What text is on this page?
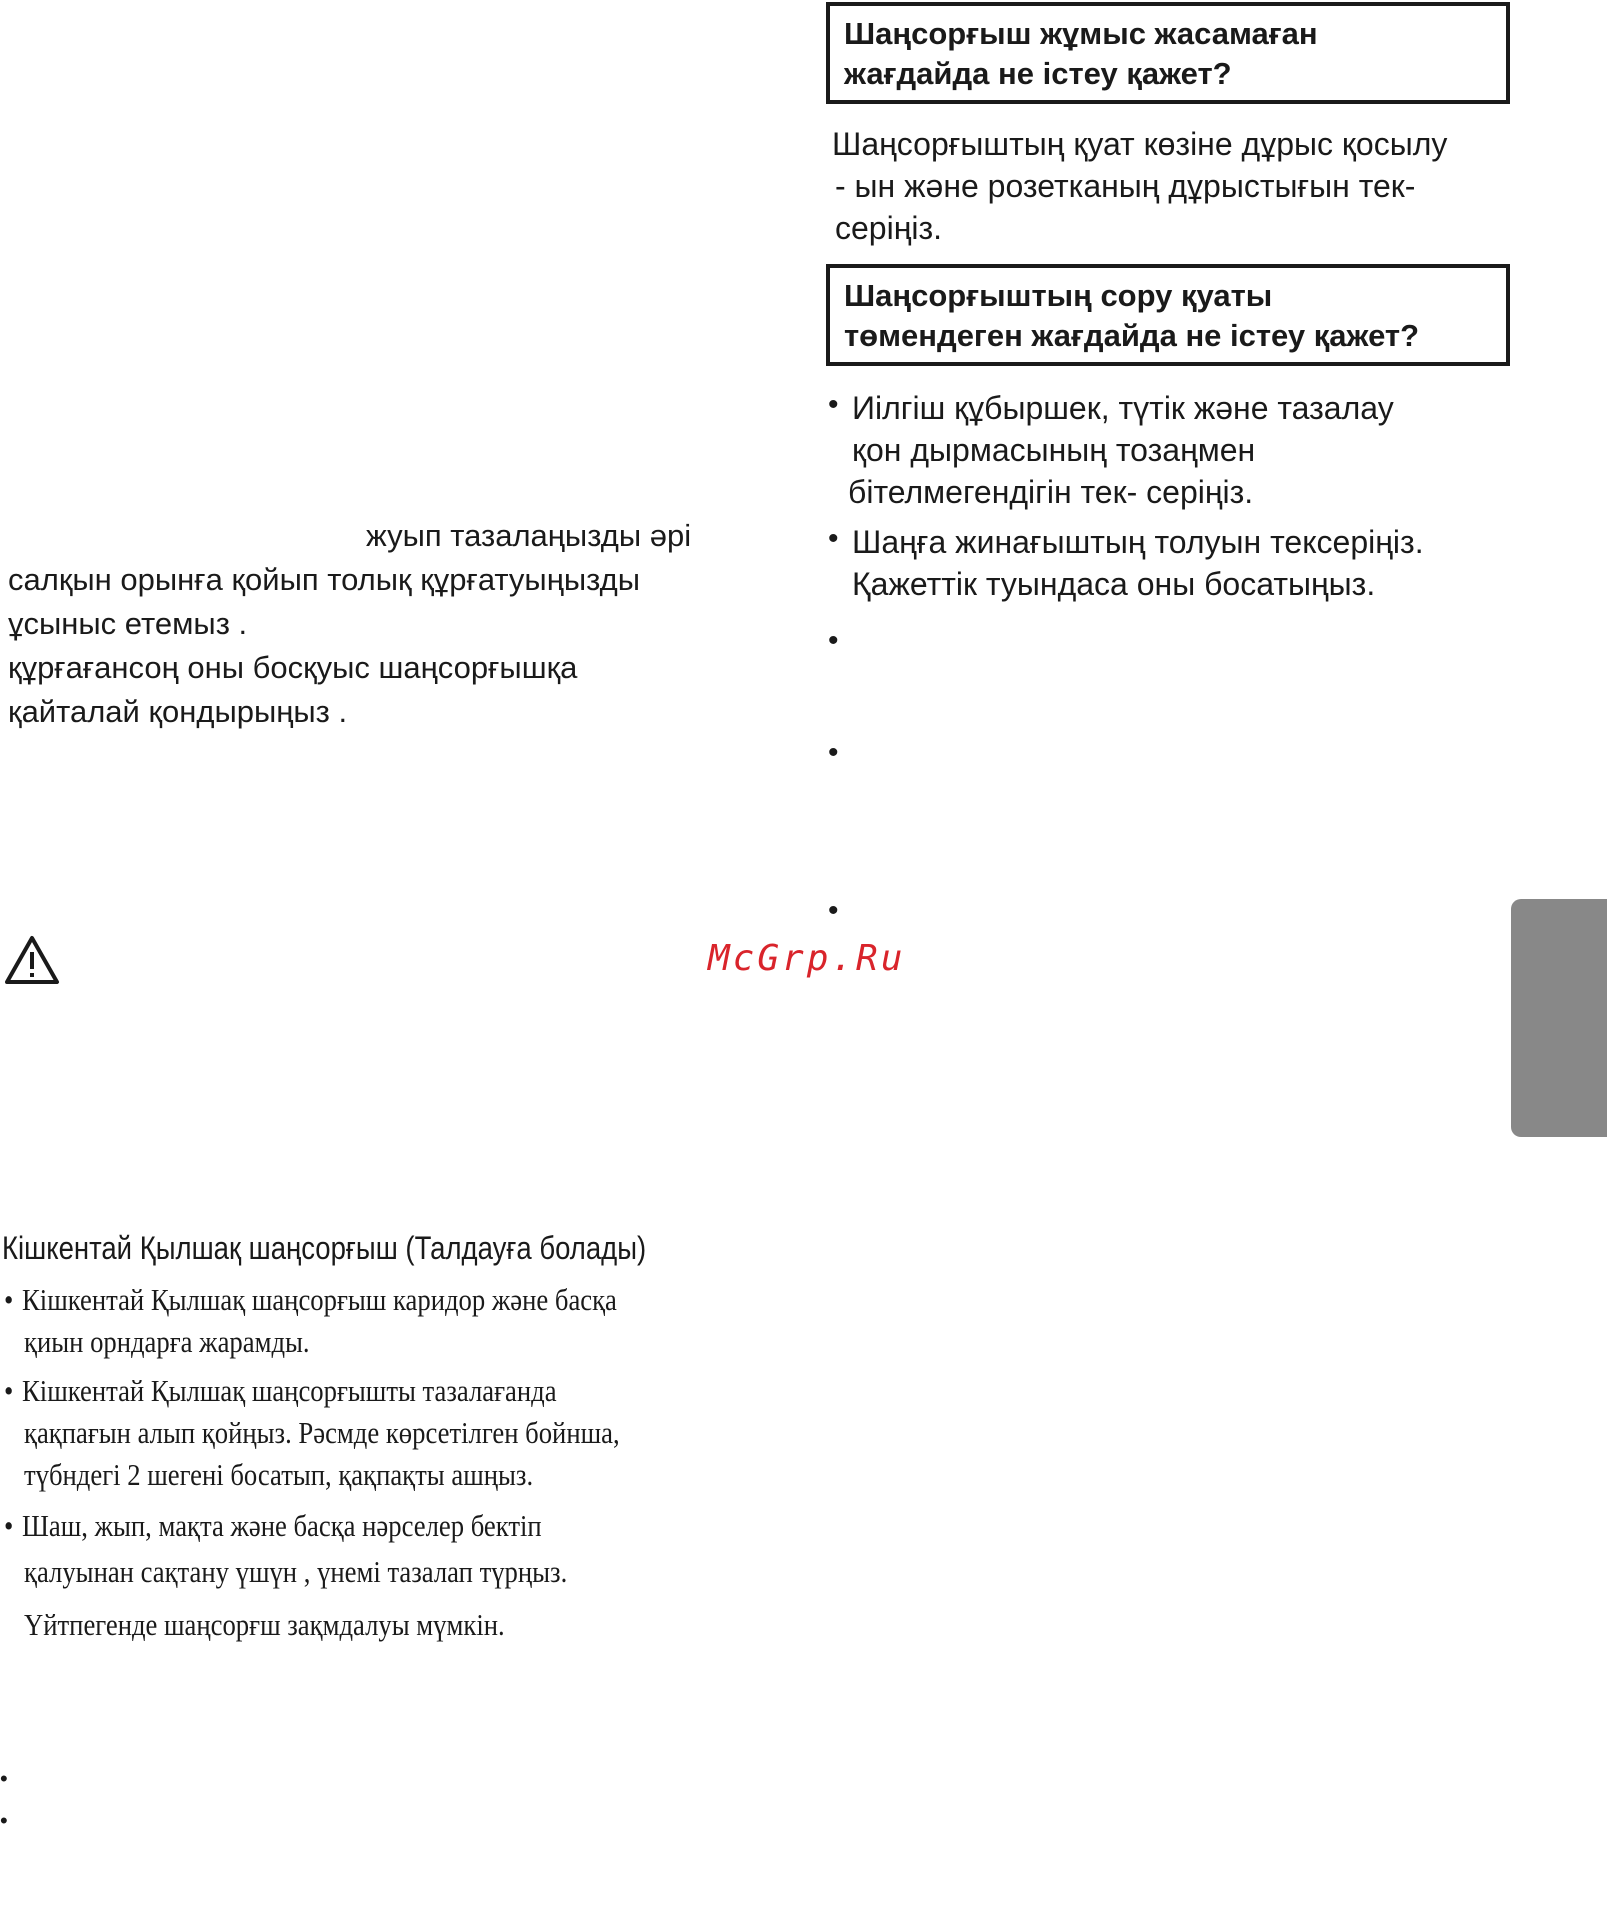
жуып тазалаңызды әрі
салқын орынға қойып толық құрғатуыңызды
ұсыныс етемыз .
құрғағансоң оны босқуыс шаңсорғышқа
қайталай қондырыңыз .
Шаңсорғыш жұмыс жасамаған
жағдайда не істеу қажет?
Шаңсорғыштың қуат көзіне дұрыс қосылу
- ын жəне розетканың дұрыстығын тек-
серіңіз.
Шаңсорғыштың сору қуаты
төмендеген жағдайда не істеу қажет?
• Иілгіш құбыршек, түтік жəне тазалау
қон дырмасының тозаңмен
бітелмегендігін тек- серіңіз.
• Шаңға жинағыштың толуын тексеріңіз.
Қажеттік туындаса оны босатыңыз.
•
•
•
McGrp.Ru
Кішкентай Қылшақ шаңсорғыш (Талдауға болады)
• Кішкентай Қылшақ шаңсорғыш каридор жəне басқа
қиын орндарға жарамды.
• Кішкентай Қылшақ шаңсорғышты тазалағанда
қақпағын алып қойңыз. Рәсмде көрсетілген бойнша,
түбндегі 2 шегені босатып, қақпақты ашңыз.
• Шаш, жып, мақта жəне басқа нəрселер бектіп
қалуынан сақтану үшүн , үнемі тазалап түрңыз.
Үйтпегенде шаңсорғш зақмдалуы мүмкін.
•
•
